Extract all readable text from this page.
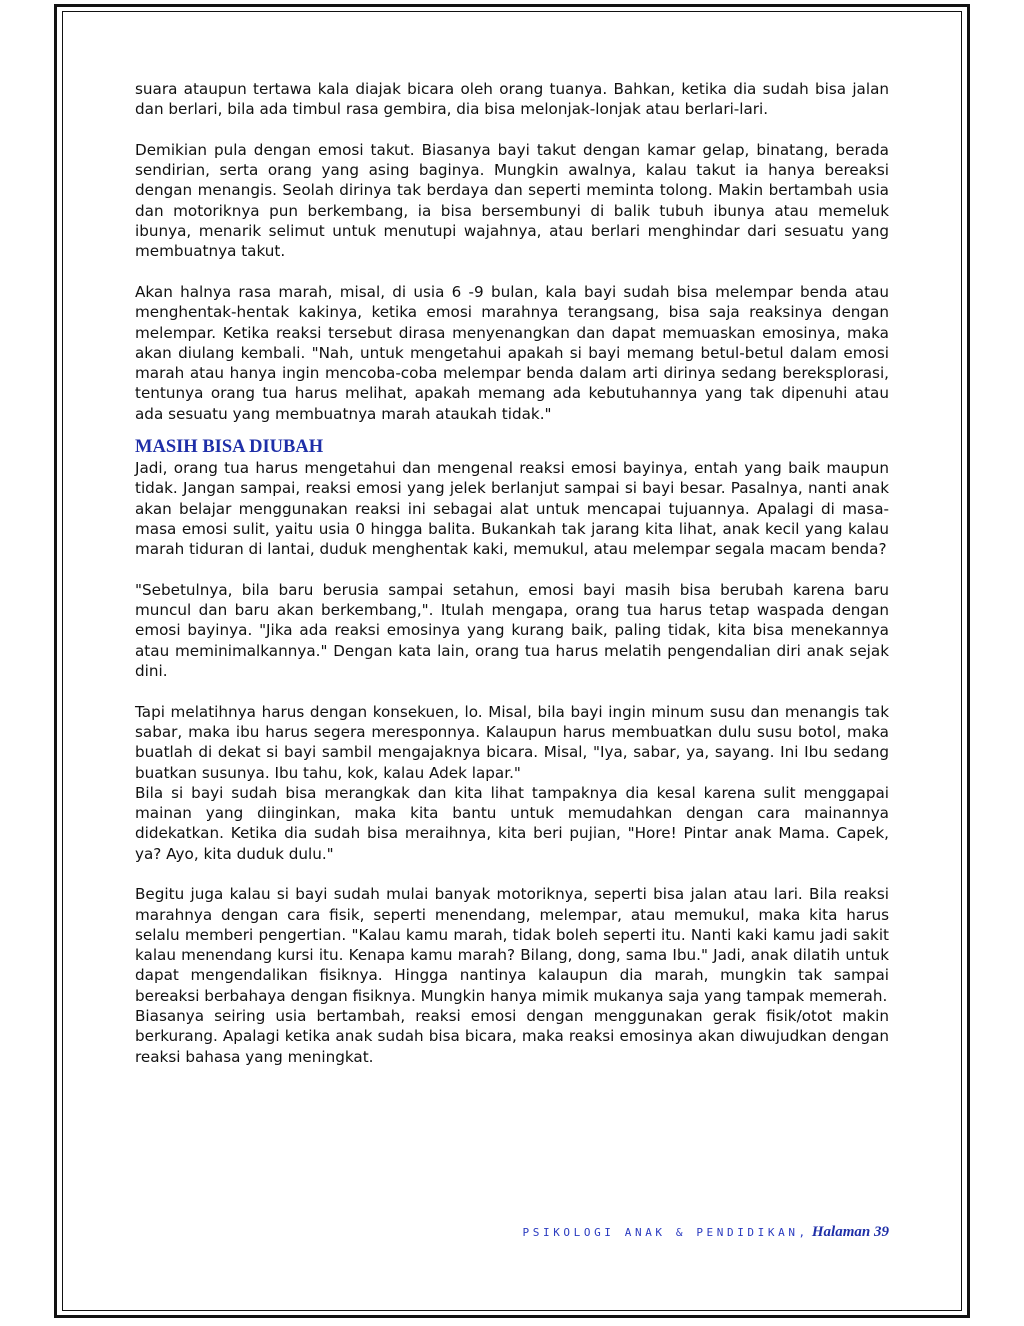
suara ataupun tertawa kala diajak bicara oleh orang tuanya. Bahkan, ketika dia sudah bisa jalan dan berlari, bila ada timbul rasa gembira, dia bisa melonjak-lonjak atau berlari-lari.

Demikian pula dengan emosi takut. Biasanya bayi takut dengan kamar gelap, binatang, berada sendirian, serta orang yang asing baginya. Mungkin awalnya, kalau takut ia hanya bereaksi dengan menangis. Seolah dirinya tak berdaya dan seperti meminta tolong. Makin bertambah usia dan motoriknya pun berkembang, ia bisa bersembunyi di balik tubuh ibunya atau memeluk ibunya, menarik selimut untuk menutupi wajahnya, atau berlari menghindar dari sesuatu yang membuatnya takut.

Akan halnya rasa marah, misal, di usia 6 -9 bulan, kala bayi sudah bisa melempar benda atau menghentak-hentak kakinya, ketika emosi marahnya terangsang, bisa saja reaksinya dengan melempar. Ketika reaksi tersebut dirasa menyenangkan dan dapat memuaskan emosinya, maka akan diulang kembali. "Nah, untuk mengetahui apakah si bayi memang betul-betul dalam emosi marah atau hanya ingin mencoba-coba melempar benda dalam arti dirinya sedang bereksplorasi, tentunya orang tua harus melihat, apakah memang ada kebutuhannya yang tak dipenuhi atau ada sesuatu yang membuatnya marah ataukah tidak."

MASIH BISA DIUBAH

Jadi, orang tua harus mengetahui dan mengenal reaksi emosi bayinya, entah yang baik maupun tidak. Jangan sampai, reaksi emosi yang jelek berlanjut sampai si bayi besar. Pasalnya, nanti anak akan belajar menggunakan reaksi ini sebagai alat untuk mencapai tujuannya. Apalagi di masa-masa emosi sulit, yaitu usia 0 hingga balita. Bukankah tak jarang kita lihat, anak kecil yang kalau marah tiduran di lantai, duduk menghentak kaki, memukul, atau melempar segala macam benda?

"Sebetulnya, bila baru berusia sampai setahun, emosi bayi masih bisa berubah karena baru muncul dan baru akan berkembang,". Itulah mengapa, orang tua harus tetap waspada dengan emosi bayinya. "Jika ada reaksi emosinya yang kurang baik, paling tidak, kita bisa menekannya atau meminimalkannya." Dengan kata lain, orang tua harus melatih pengendalian diri anak sejak dini.

Tapi melatihnya harus dengan konsekuen, lo. Misal, bila bayi ingin minum susu dan menangis tak sabar, maka ibu harus segera meresponnya. Kalaupun harus membuatkan dulu susu botol, maka buatlah di dekat si bayi sambil mengajaknya bicara. Misal, "Iya, sabar, ya, sayang. Ini Ibu sedang buatkan susunya. Ibu tahu, kok, kalau Adek lapar."

Bila si bayi sudah bisa merangkak dan kita lihat tampaknya dia kesal karena sulit menggapai mainan yang diinginkan, maka kita bantu untuk memudahkan dengan cara mainannya didekatkan. Ketika dia sudah bisa meraihnya, kita beri pujian, "Hore! Pintar anak Mama. Capek, ya? Ayo, kita duduk dulu."

Begitu juga kalau si bayi sudah mulai banyak motoriknya, seperti bisa jalan atau lari. Bila reaksi marahnya dengan cara fisik, seperti menendang, melempar, atau memukul, maka kita harus selalu memberi pengertian. "Kalau kamu marah, tidak boleh seperti itu. Nanti kaki kamu jadi sakit kalau menendang kursi itu. Kenapa kamu marah? Bilang, dong, sama Ibu." Jadi, anak dilatih untuk dapat mengendalikan fisiknya. Hingga nantinya kalaupun dia marah, mungkin tak sampai bereaksi berbahaya dengan fisiknya. Mungkin hanya mimik mukanya saja yang tampak memerah.

Biasanya seiring usia bertambah, reaksi emosi dengan menggunakan gerak fisik/otot makin berkurang. Apalagi ketika anak sudah bisa bicara, maka reaksi emosinya akan diwujudkan dengan reaksi bahasa yang meningkat.

PSIKOLOGI ANAK & PENDIDIKAN, Halaman 39
